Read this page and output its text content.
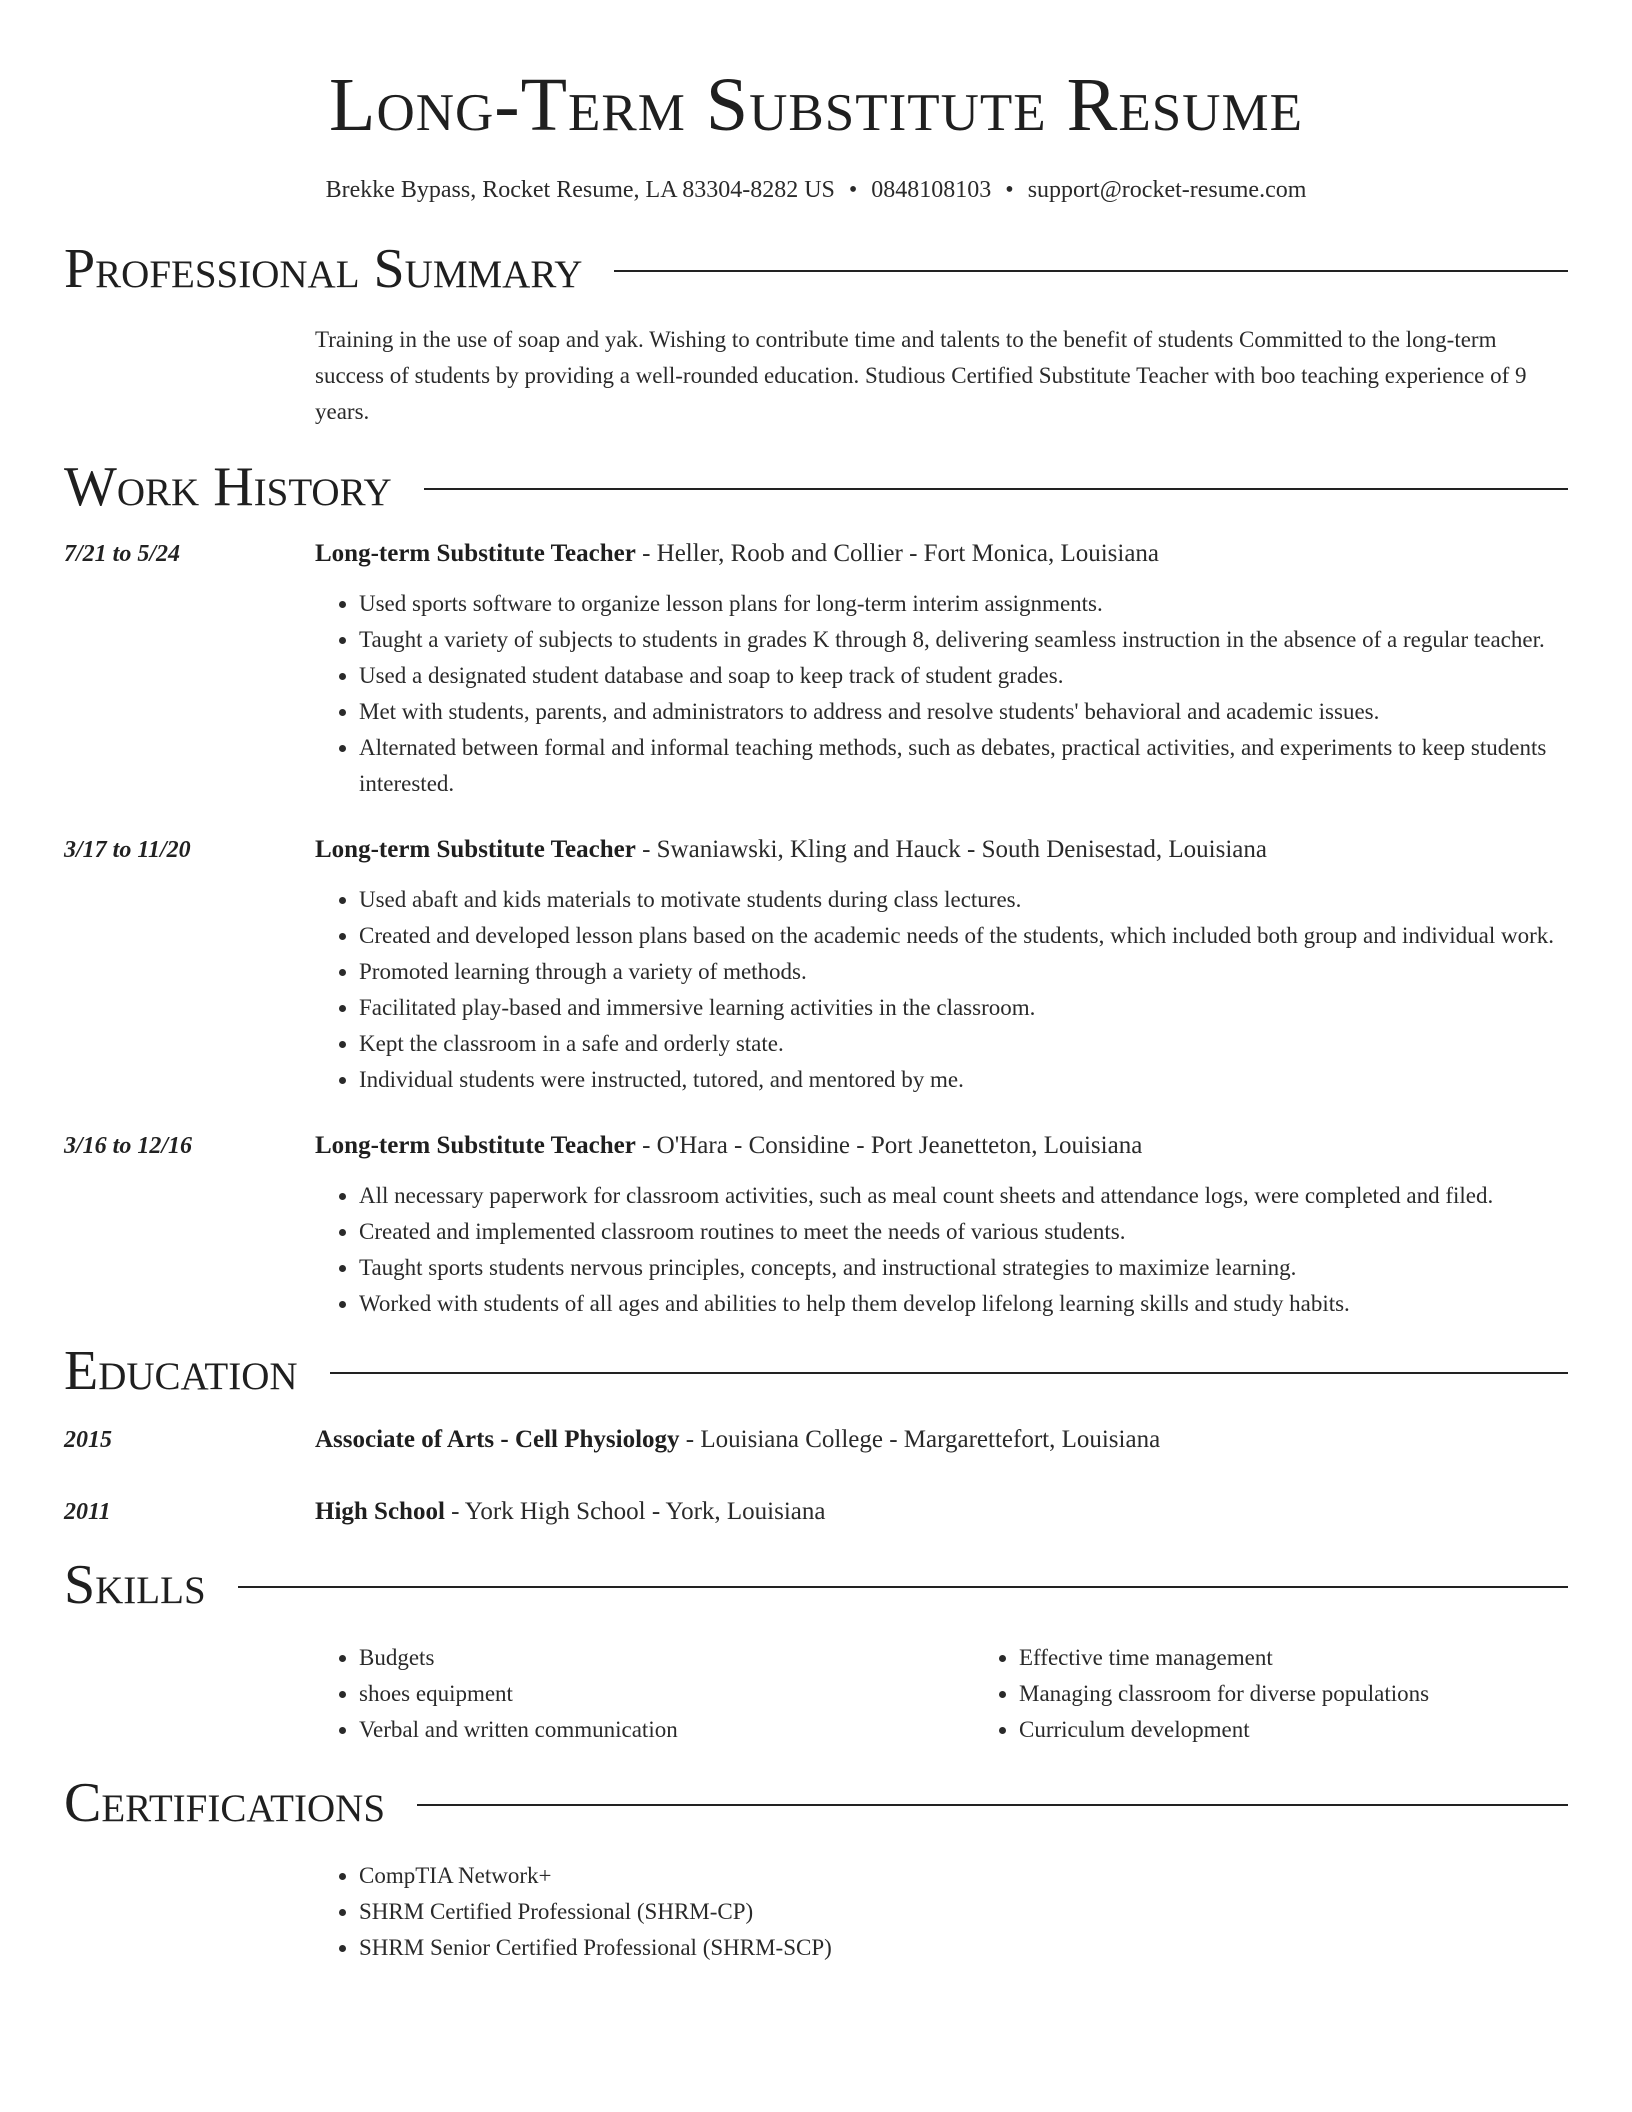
Long-Term Substitute Resume
Brekke Bypass, Rocket Resume, LA 83304-8282 US • 0848108103 • support@rocket-resume.com
Professional Summary
Training in the use of soap and yak. Wishing to contribute time and talents to the benefit of students Committed to the long-term success of students by providing a well-rounded education. Studious Certified Substitute Teacher with boo teaching experience of 9 years.
Work History
7/21 to 5/24	Long-term Substitute Teacher - Heller, Roob and Collier - Fort Monica, Louisiana
• Used sports software to organize lesson plans for long-term interim assignments.
• Taught a variety of subjects to students in grades K through 8, delivering seamless instruction in the absence of a regular teacher.
• Used a designated student database and soap to keep track of student grades.
• Met with students, parents, and administrators to address and resolve students' behavioral and academic issues.
• Alternated between formal and informal teaching methods, such as debates, practical activities, and experiments to keep students interested.
3/17 to 11/20	Long-term Substitute Teacher - Swaniawski, Kling and Hauck - South Denisestad, Louisiana
• Used abaft and kids materials to motivate students during class lectures.
• Created and developed lesson plans based on the academic needs of the students, which included both group and individual work.
• Promoted learning through a variety of methods.
• Facilitated play-based and immersive learning activities in the classroom.
• Kept the classroom in a safe and orderly state.
• Individual students were instructed, tutored, and mentored by me.
3/16 to 12/16	Long-term Substitute Teacher - O'Hara - Considine - Port Jeanetteton, Louisiana
• All necessary paperwork for classroom activities, such as meal count sheets and attendance logs, were completed and filed.
• Created and implemented classroom routines to meet the needs of various students.
• Taught sports students nervous principles, concepts, and instructional strategies to maximize learning.
• Worked with students of all ages and abilities to help them develop lifelong learning skills and study habits.
Education
2015	Associate of Arts - Cell Physiology - Louisiana College - Margarettefort, Louisiana
2011	High School - York High School - York, Louisiana
Skills
• Budgets
• shoes equipment
• Verbal and written communication
• Effective time management
• Managing classroom for diverse populations
• Curriculum development
Certifications
• CompTIA Network+
• SHRM Certified Professional (SHRM-CP)
• SHRM Senior Certified Professional (SHRM-SCP)
